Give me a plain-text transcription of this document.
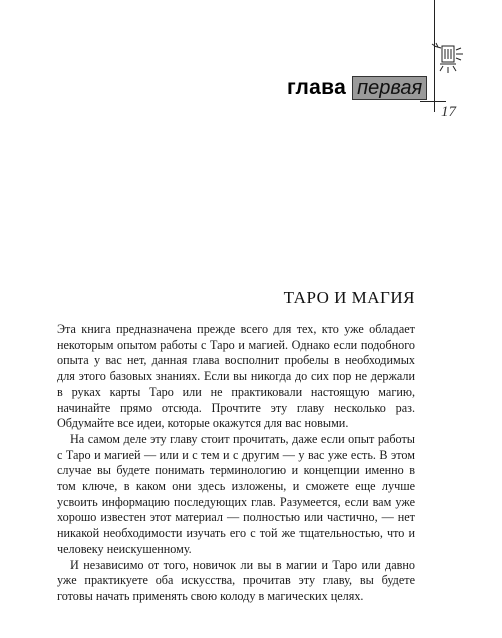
глава первая
17
ТАРО И МАГИЯ

Эта книга предназначена прежде всего для тех, кто уже обладает некоторым опытом работы с Таро и магией. Однако если подобного опыта у вас нет, данная глава восполнит пробелы в необходимых для этого базовых знаниях. Если вы никогда до сих пор не держали в руках карты Таро или не практиковали настоящую магию, начинайте прямо отсюда. Прочтите эту главу несколько раз. Обдумайте все идеи, которые окажутся для вас новыми.

На самом деле эту главу стоит прочитать, даже если опыт работы с Таро и магией — или и с тем и с другим — у вас уже есть. В этом случае вы будете понимать терминологию и концепции именно в том ключе, в каком они здесь изложены, и сможете еще лучше усвоить информацию последующих глав. Разумеется, если вам уже хорошо известен этот материал — полностью или частично, — нет никакой необходимости изучать его с той же тщательностью, что и человеку неискушенному.

И независимо от того, новичок ли вы в магии и Таро или давно уже практикуете оба искусства, прочитав эту главу, вы будете готовы начать применять свою колоду в магических целях.
